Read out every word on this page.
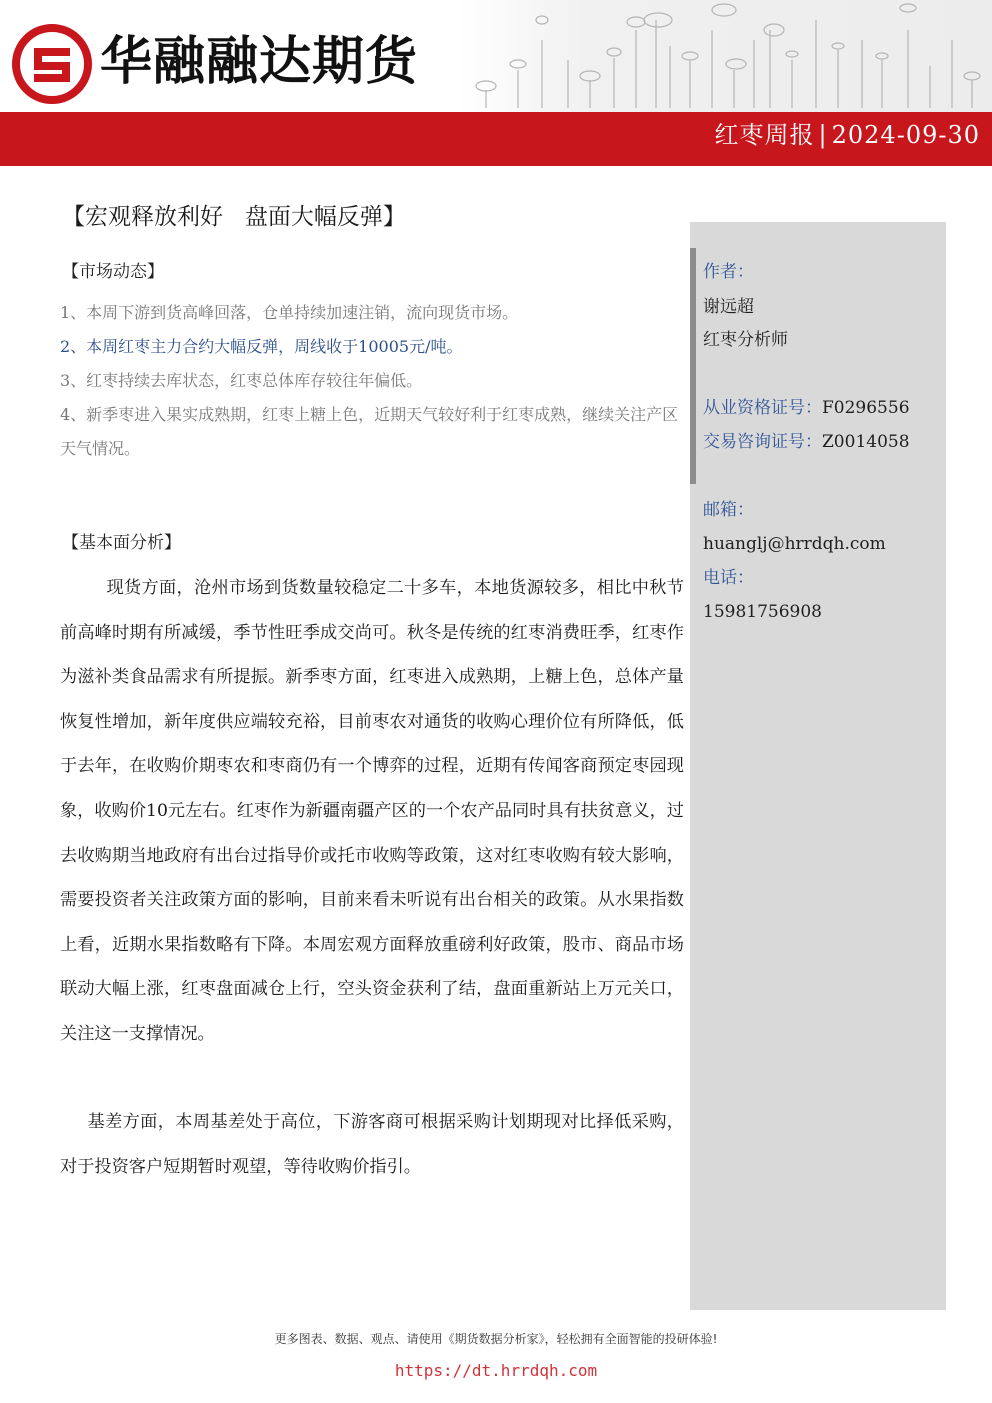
华融融达期货
红枣周报 | 2024-09-30
【宏观释放利好   盘面大幅反弹】
【市场动态】
1、本周下游到货高峰回落，仓单持续加速注销，流向现货市场。
2、本周红枣主力合约大幅反弹，周线收于10005元/吨。
3、红枣持续去库状态，红枣总体库存较往年偏低。
4、新季枣进入果实成熟期，红枣上糖上色，近期天气较好利于红枣成熟，继续关注产区天气情况。
【基本面分析】

现货方面，沧州市场到货数量较稳定二十多车，本地货源较多，相比中秋节前高峰时期有所减缓，季节性旺季成交尚可。秋冬是传统的红枣消费旺季，红枣作为滋补类食品需求有所提振。新季枣方面，红枣进入成熟期，上糖上色，总体产量恢复性增加，新年度供应端较充裕，目前枣农对通货的收购心理价位有所降低，低于去年，在收购价期枣农和枣商仍有一个博弈的过程，近期有传闻客商预定枣园现象，收购价10元左右。红枣作为新疆南疆产区的一个农产品同时具有扶贫意义，过去收购期当地政府有出台过指导价或托市收购等政策，这对红枣收购有较大影响，需要投资者关注政策方面的影响，目前来看未听说有出台相关的政策。从水果指数上看，近期水果指数略有下降。本周宏观方面释放重磅利好政策，股市、商品市场联动大幅上涨，红枣盘面减仓上行，空头资金获利了结，盘面重新站上万元关口，关注这一支撑情况。

基差方面，本周基差处于高位，下游客商可根据采购计划期现对比择低采购，对于投资客户短期暂时观望，等待收购价指引。

作者：
谢远超
红枣分析师
从业资格证号：F0296556
交易咨询证号：Z0014058
邮箱：
huanglj@hrrdqh.com
电话：
15981756908
更多图表、数据、观点、请使用《期货数据分析家》，轻松拥有全面智能的投研体验!
https://dt.hrrdqh.com
